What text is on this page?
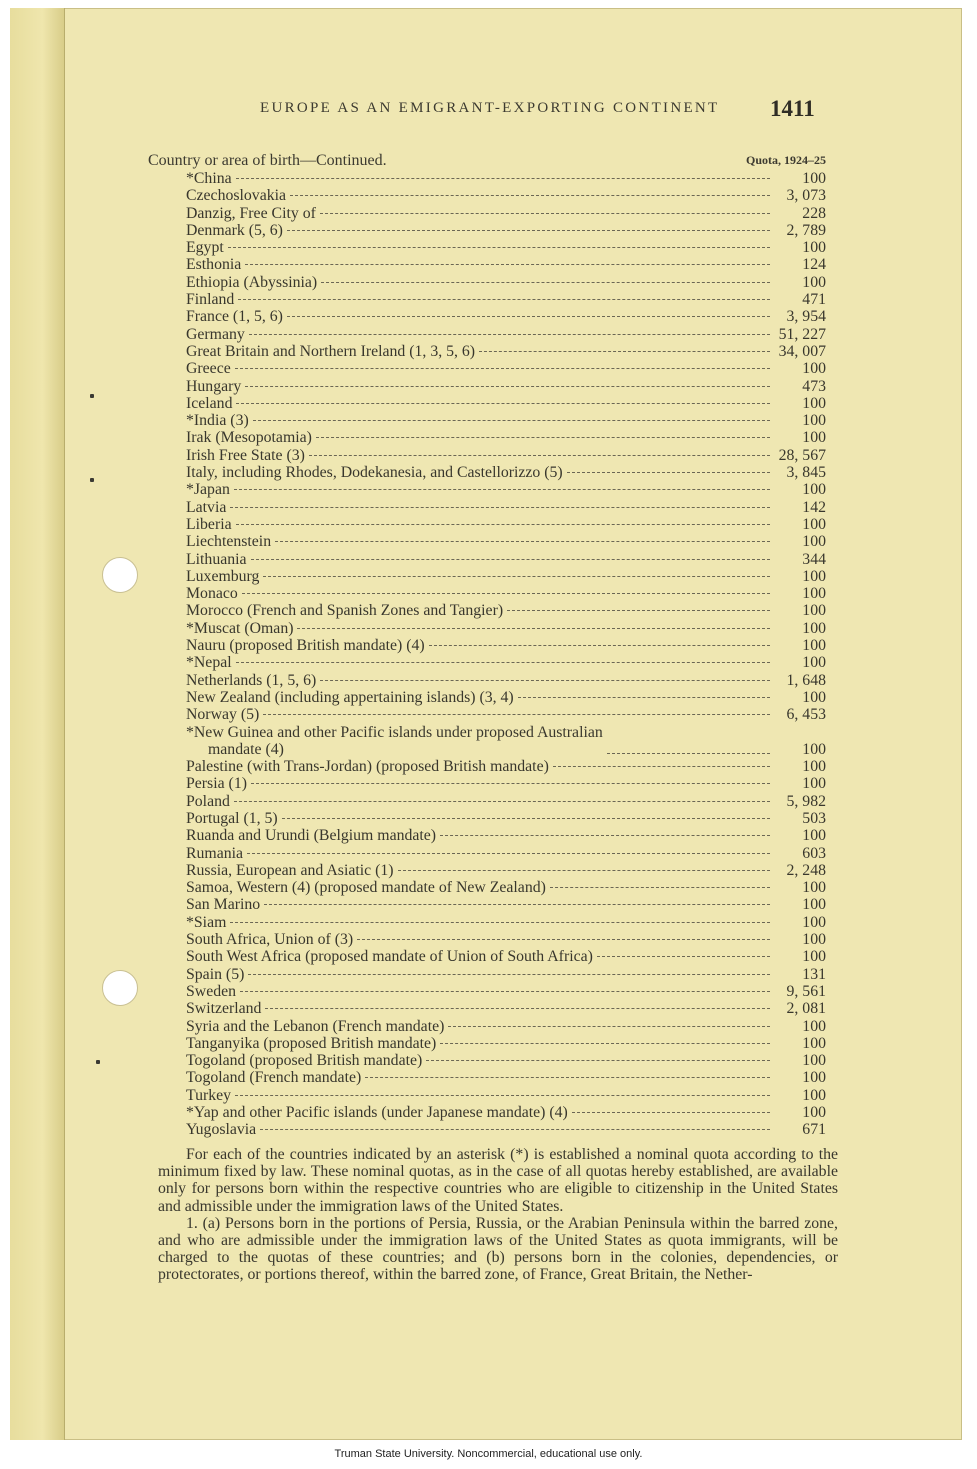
EUROPE AS AN EMIGRANT-EXPORTING CONTINENT	1411
Country or area of birth—Continued.	Quota, 1924–25
*China	100
Czechoslovakia	3, 073
Danzig, Free City of	228
Denmark (5, 6)	2, 789
Egypt	100
Esthonia	124
Ethiopia (Abyssinia)	100
Finland	471
France (1, 5, 6)	3, 954
Germany	51, 227
Great Britain and Northern Ireland (1, 3, 5, 6)	34, 007
Greece	100
Hungary	473
Iceland	100
*India (3)	100
Irak (Mesopotamia)	100
Irish Free State (3)	28, 567
Italy, including Rhodes, Dodekanesia, and Castellorizzo (5)	3, 845
*Japan	100
Latvia	142
Liberia	100
Liechtenstein	100
Lithuania	344
Luxemburg	100
Monaco	100
Morocco (French and Spanish Zones and Tangier)	100
*Muscat (Oman)	100
Nauru (proposed British mandate) (4)	100
*Nepal	100
Netherlands (1, 5, 6)	1, 648
New Zealand (including appertaining islands) (3, 4)	100
Norway (5)	6, 453
*New Guinea and other Pacific islands under proposed Australian
mandate (4)	100
Palestine (with Trans-Jordan) (proposed British mandate)	100
Persia (1)	100
Poland	5, 982
Portugal (1, 5)	503
Ruanda and Urundi (Belgium mandate)	100
Rumania	603
Russia, European and Asiatic (1)	2, 248
Samoa, Western (4) (proposed mandate of New Zealand)	100
San Marino	100
*Siam	100
South Africa, Union of (3)	100
South West Africa (proposed mandate of Union of South Africa)	100
Spain (5)	131
Sweden	9, 561
Switzerland	2, 081
Syria and the Lebanon (French mandate)	100
Tanganyika (proposed British mandate)	100
Togoland (proposed British mandate)	100
Togoland (French mandate)	100
Turkey	100
*Yap and other Pacific islands (under Japanese mandate) (4)	100
Yugoslavia	671

For each of the countries indicated by an asterisk (*) is established a nominal quota according to the minimum fixed by law. These nominal quotas, as in the case of all quotas hereby established, are available only for persons born within the respective countries who are eligible to citizenship in the United States and admissible under the immigration laws of the United States.

1. (a) Persons born in the portions of Persia, Russia, or the Arabian Peninsula within the barred zone, and who are admissible under the immigration laws of the United States as quota immigrants, will be charged to the quotas of these countries; and (b) persons born in the colonies, dependencies, or protectorates, or portions thereof, within the barred zone, of France, Great Britain, the Nether-

Truman State University. Noncommercial, educational use only.
